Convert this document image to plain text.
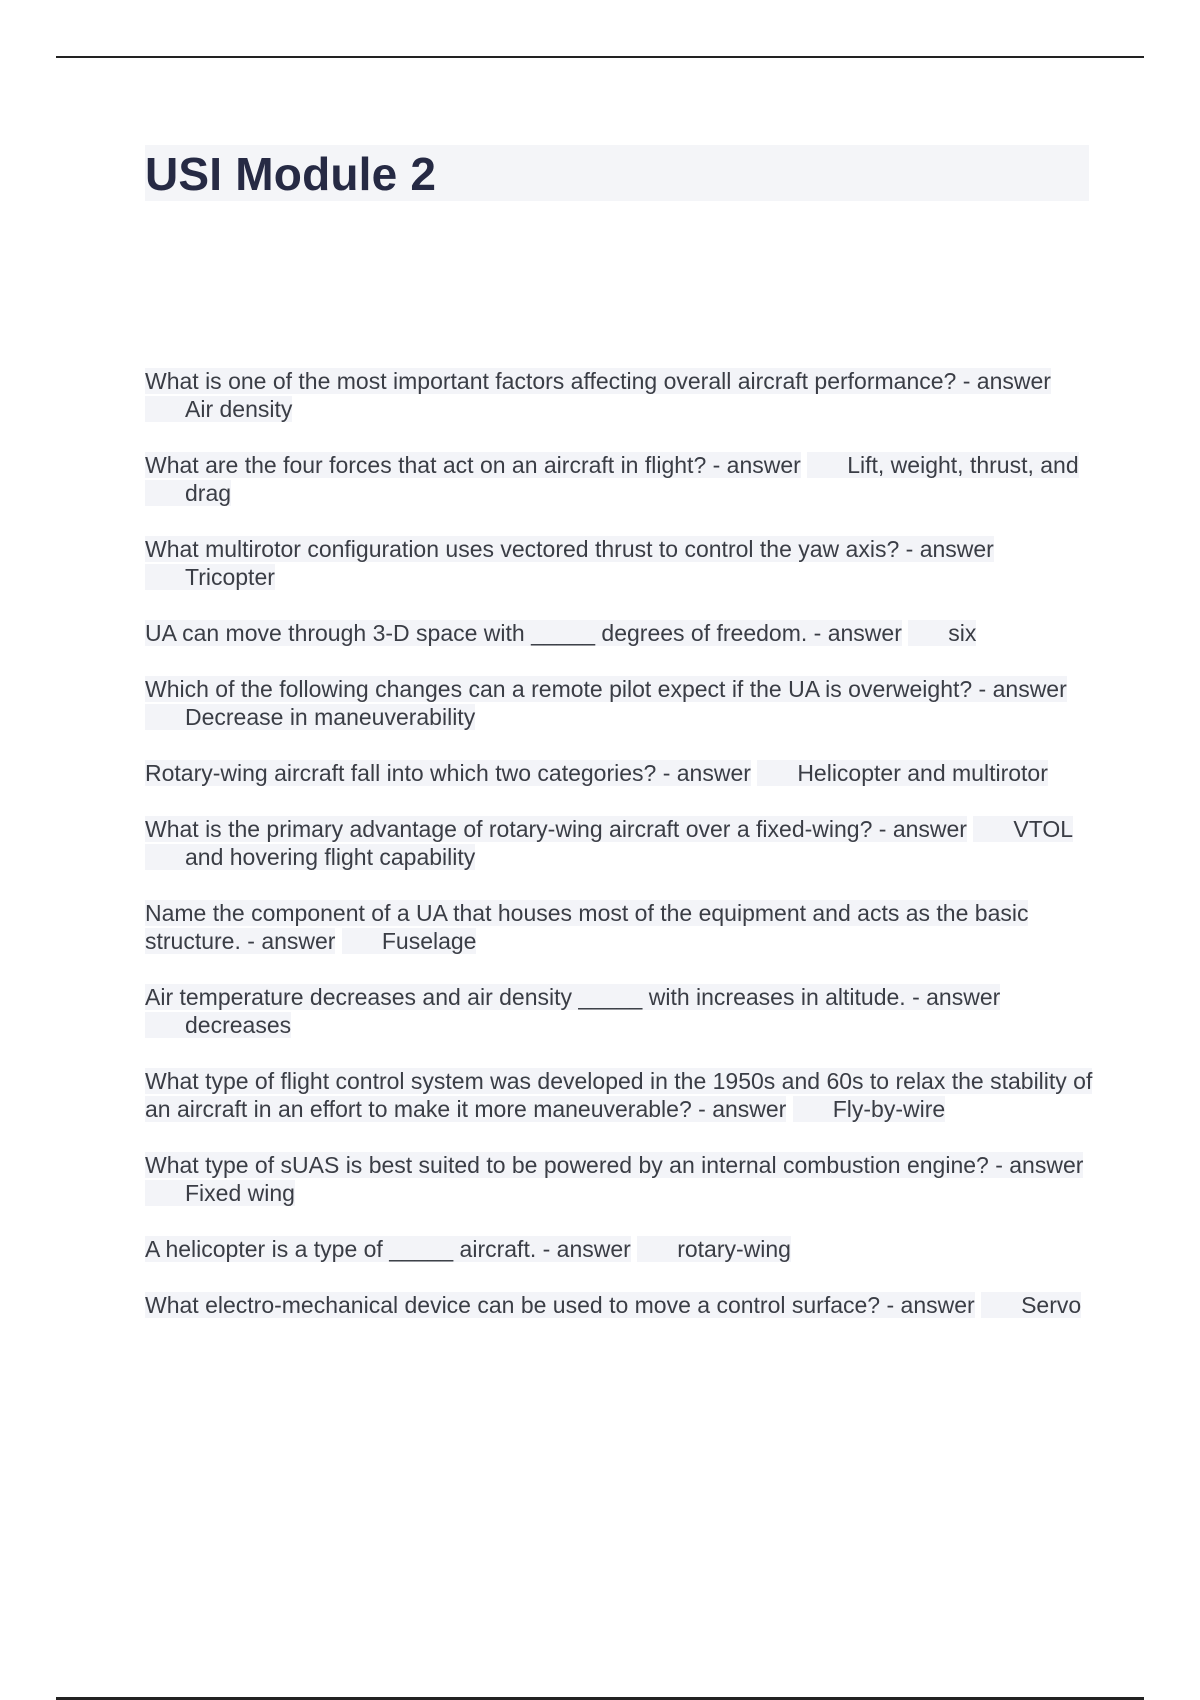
USI Module 2
What is one of the most important factors affecting overall aircraft performance? - answer Air density
What are the four forces that act on an aircraft in flight? - answer Lift, weight, thrust, and drag
What multirotor configuration uses vectored thrust to control the yaw axis? - answer Tricopter
UA can move through 3-D space with _____ degrees of freedom. - answer six
Which of the following changes can a remote pilot expect if the UA is overweight? - answer Decrease in maneuverability
Rotary-wing aircraft fall into which two categories? - answer Helicopter and multirotor
What is the primary advantage of rotary-wing aircraft over a fixed-wing? - answer VTOL and hovering flight capability
Name the component of a UA that houses most of the equipment and acts as the basic structure. - answer Fuselage
Air temperature decreases and air density _____ with increases in altitude. - answer decreases
What type of flight control system was developed in the 1950s and 60s to relax the stability of an aircraft in an effort to make it more maneuverable? - answer Fly-by-wire
What type of sUAS is best suited to be powered by an internal combustion engine? - answer Fixed wing
A helicopter is a type of _____ aircraft. - answer rotary-wing
What electro-mechanical device can be used to move a control surface? - answer Servo
